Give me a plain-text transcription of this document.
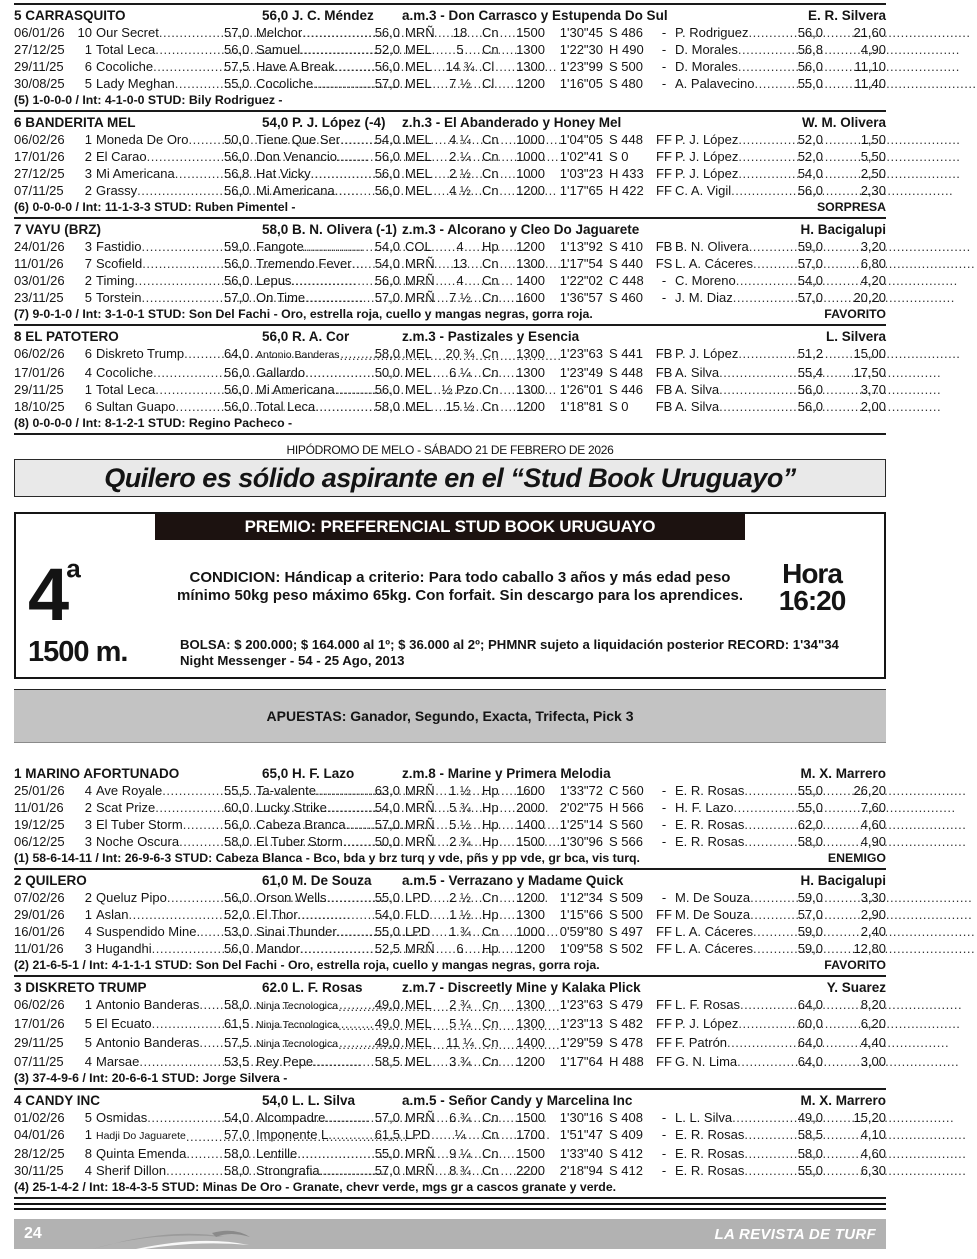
5 CARRASQUITO	56,0 J. C. Méndez	a.m.3 - Don Carrasco y Estupenda Do Sul	E. R. Silvera
06/01/26 10 Our Secret .....	57,0 Melchor .....	56,0 MRÑ	18	Cn	1500	1'30"45 S 486	- P. Rodriguez .....	56,0	21,60
27/12/25	1 Total Leca .....	56,0 Samuel .....	52,0 MEL	5	Cn	1300	1'22"30 H 490	- D. Morales .....	56,8	4,90
29/11/25	6 Cocoliche .....	57,5 Have A Break .....	56,0 MEL	14 ¾ Cl	1300	1'23"99 S 500	- D. Morales .....	56,0	11,10
30/08/25	5 Lady Meghan .....	55,0 Cocoliche .....	57,0 MEL	7 ½ Cl	1200	1'16"05 S 480	- A. Palavecino .....	55,0	11,40
(5) 1-0-0-0 / Int: 4-1-0-0 STUD: Bily Rodriguez -
6 BANDERITA MEL	54,0 P. J. López (-4)	z.h.3 - El Abanderado y Honey Mel	W. M. Olivera
06/02/26	1 Moneda De Oro .....	50,0 Tiene Que Ser .....	54,0 MEL	4 ¼ Cn	1000	1'04"05 S 448	FF P. J. López .....	52,0	1,50
17/01/26	2 El Carao .....	56,0 Don Venancio .....	56,0 MEL	2 ¼ Cn	1000	1'02"41 S 0	FF P. J. López .....	52,0	5,50
27/12/25	3 Mi Americana .....	56,8 Hat Vicky .....	56,0 MEL	2 ½ Cn	1000	1'03"23 H 433 FF P. J. López .....	54,0	2,50
07/11/25	2 Grassy .....	56,0 Mi Americana .....	56,0 MEL	4 ½ Cn	1200	1'17"65 H 422 FF C. A. Vigil .....	56,0	2,30
(6) 0-0-0-0 / Int: 11-1-3-3 STUD: Ruben Pimentel -	SORPRESA
7 VAYU (BRZ)	58,0 B. N. Olivera (-1) z.m.3 - Alcorano y Cleo Do Jaguarete	H. Bacigalupi
24/01/26	3 Fastidio .....	59,0 Fangote .....	54,0 COL	4	Hp	1200	1'13"92 S 410 FB B. N. Olivera .....	59,0	3,20
11/01/26	7 Scofield .....	56,0 Tremendo Fever .....	54,0 MRÑ	13	Cn	1300	1'17"54 S 440 FS L. A. Cáceres .....	57,0	6,80
03/01/26	2 Timing .....	56,0 Lepus .....	56,0 MRÑ	4	Cn	1400	1'22"02 C 448	- C. Moreno .....	54,0	4,20
23/11/25	5 Torstein .....	57,0 On Time .....	57,0 MRÑ	7 ½ Cn	1600	1'36"57 S 460	- J. M. Diaz .....	57,0	20,20
(7) 9-0-1-0 / Int: 3-1-0-1 STUD: Son Del Fachi - Oro, estrella roja, cuello y mangas negras, gorra roja.	FAVORITO
8 EL PATOTERO	56,0 R. A. Cor	z.m.3 - Pastizales y Esencia	L. Silvera
06/02/26	6 Diskreto Trump .....	64,0 Antonio Banderas .....	58,0 MEL	20 ¾ Cn	1300	1'23"63 S 441 FB P. J. López .....	51,2	15,00
17/01/26	4 Cocoliche .....	56,0 Gallardo .....	50,0 MEL	6 ¼ Cn	1300	1'23"49 S 448 FB A. Silva .....	55,4	17,50
29/11/25	1 Total Leca .....	56,0 Mi Americana .....	56,0 MEL ½ Pzo Cn	1300	1'26"01 S 446 FB A. Silva .....	56,0	3,70
18/10/25	6 Sultan Guapo .....	56,0 Total Leca .....	58,0 MEL	15 ½ Cn	1200	1'18"81 S 0	FB A. Silva .....	56,0	2,00
(8) 0-0-0-0 / Int: 8-1-2-1 STUD: Regino Pacheco -
HIPÓDROMO DE MELO - SÁBADO 21 DE FEBRERO DE 2026
Quilero es sólido aspirante en el “Stud Book Uruguayo”
PREMIO: PREFERENCIAL STUD BOOK URUGUAYO
$4^ª$	CONDICION: Hándicap a criterio: Para todo caballo 3 años y más edad peso mínimo 50kg peso máximo 65kg. Con forfait. Sin descargo para los aprendices.
Hora
16:20
1500 m.	BOLSA: $ 200.000; $ 164.000 al 1º; $ 36.000 al 2º; PHMNR sujeto a liquidación posterior RECORD: 1'34"34
Night Messenger - 54 - 25 Ago, 2013
APUESTAS: Ganador, Segundo, Exacta, Trifecta, Pick 3
1 MARINO AFORTUNADO	65,0 H. F. Lazo	z.m.8 - Marine y Primera Melodia	M. X. Marrero
25/01/26	4 Ave Royale .....	55,5 Ta-valente .....	63,0 MRÑ	1 ½ Hp	1600	1'33"72 C 560	- E. R. Rosas .....	55,0	26,20
11/01/26	2 Scat Prize .....	60,0 Lucky Strike .....	54,0 MRÑ	5 ¾ Hp	2000	2'02"75 H 566	- H. F. Lazo .....	55,0	7,60
19/12/25	3 El Tuber Storm .....	56,0 Cabeza Branca .....	57,0 MRÑ	5 ½ Hp	1400	1'25"14 S 560	- E. R. Rosas .....	62,0	4,60
06/12/25	3 Noche Oscura .....	58,0 El Tuber Storm .....	50,0 MRÑ	2 ¾ Hp	1500	1'30"96 S 566	- E. R. Rosas .....	58,0	4,90
(1) 58-6-14-11 / Int: 26-9-6-3 STUD: Cabeza Blanca - Bco, bda y brz turq y vde, pñs y pp vde, gr bca, vis turq.	ENEMIGO
2 QUILERO	61,0 M. De Souza	a.m.5 - Verrazano y Madame Quick	H. Bacigalupi
07/02/26	2 Queluz Pipo .....	56,0 Orson Wells .....	55,0 LPD	2 ½ Cn	1200	1'12"34 S 509	- M. De Souza .....	59,0	3,30
29/01/26	1 Aslan .....	52,0 El Thor .....	54,0 FLD	1 ½ Hp	1300	1'15"66 S 500	FF M. De Souza .....	57,0	2,90
16/01/26	4 Suspendido Mine. ..... 53,0 Sinai Thunder .....	55,0 LPD	1 ¾ Cn	1000	0'59"80 S 497	FF L. A. Cáceres .....	59,0	2,40
11/01/26	3 Hugandhi .....	56,0 Mandor .....	52,5 MRÑ	6	Hp	1200	1'09"58 S 502	FF L. A. Cáceres .....	59,0	12,80
(2) 21-6-5-1 / Int: 4-1-1-1 STUD: Son Del Fachi - Oro, estrella roja, cuello y mangas negras, gorra roja.	FAVORITO
3 DISKRETO TRUMP	62.0 L. F. Rosas	z.m.7 - Discreetly Mine y Kalaka Plick	Y. Suarez
06/02/26	1 Antonio Banderas ..... 58,0 Ninja Tecnologica .....	49,0 MEL	2 ¾ Cn	1300	1'23"63 S 479	FF L. F. Rosas .....	64,0	8,20
17/01/26	5 El Ecuato .....	61,5 Ninja Tecnologica .....	49,0 MEL	5 ¼ Cn	1300	1'23"13 S 482	FF P. J. López .....	60,0	6,20
29/11/25	5 Antonio Banderas ..... 57,5 Ninja Tecnologica .....	49,0 MEL	11 ¼ Cn	1400	1'29"59 S 478	FF F. Patrón .....	64,0	4,40
07/11/25	4 Marsae .....	53,5 Rey Pepe .....	58,5 MEL	3 ¾ Cn	1200	1'17"64 H 488 FF G. N. Lima .....	64,0	3,00
(3) 37-4-9-6 / Int: 20-6-6-1 STUD: Jorge Silvera -
4 CANDY INC	54,0 L. L. Silva	a.m.5 - Señor Candy y Marcelina Inc	M. X. Marrero
01/02/26	5 Osmidas .....	54,0 Alcompadre .....	57,0 MRÑ	6 ¾ Cn	1500	1'30"16 S 408	- L. L. Silva .....	49,0	15,20
04/01/26	1 Hadji Do Jaguarete .....	57,0 Imponente L .....	61,5 LPD	¼	Cn	1700	1'51"47 S 409	- E. R. Rosas .....	58,5	4,10
28/12/25	8 Quinta Emenda .....	58,0 Lentille .....	55,0 MRÑ	9 ¼ Cn	1500	1'33"40 S 412	- E. R. Rosas .....	58,0	4,60
30/11/25	4 Sherif Dillon .....	58,0 Strongrafia .....	57,0 MRÑ	8 ¾ Cn	2200	2'18"94 S 412	- E. R. Rosas .....	55,0	6,30
(4) 25-1-4-2 / Int: 18-4-3-5 STUD: Minas De Oro - Granate, chevr verde, mgs gr a cascos granate y verde.
24	LA REVISTA DE TURF
